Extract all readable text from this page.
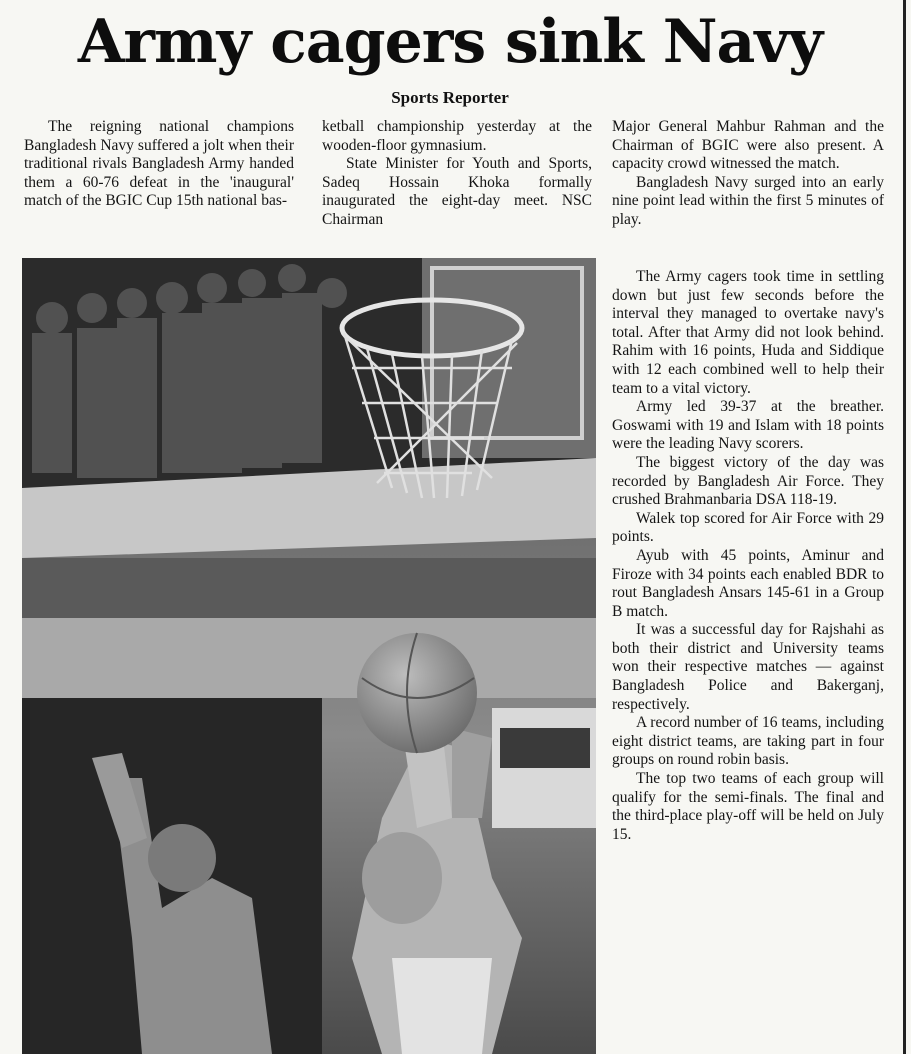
Army cagers sink Navy
Sports Reporter

The reigning national champions Bangladesh Navy suffered a jolt when their traditional rivals Bangladesh Army handed them a 60-76 defeat in the 'inaugural' match of the BGIC Cup 15th national bas-

ketball championship yesterday at the wooden-floor gymnasium.

State Minister for Youth and Sports, Sadeq Hossain Khoka formally inaugurated the eight-day meet. NSC Chairman

Major General Mahbur Rahman and the Chairman of BGIC were also present. A capacity crowd witnessed the match.

Bangladesh Navy surged into an early nine point lead within the first 5 minutes of play.

The Army cagers took time in settling down but just few seconds before the interval they managed to overtake navy's total. After that Army did not look behind. Rahim with 16 points, Huda and Siddique with 12 each combined well to help their team to a vital victory.

Army led 39-37 at the breather. Goswami with 19 and Islam with 18 points were the leading Navy scorers.

The biggest victory of the day was recorded by Bangladesh Air Force. They crushed Brahmanbaria DSA 118-19.

Walek top scored for Air Force with 29 points.

Ayub with 45 points, Aminur and Firoze with 34 points each enabled BDR to rout Bangladesh Ansars 145-61 in a Group B match.

It was a successful day for Rajshahi as both their district and University teams won their respective matches — against Bangladesh Police and Bakerganj, respectively.

A record number of 16 teams, including eight district teams, are taking part in four groups on round robin basis.

The top two teams of each group will qualify for the semi-finals. The final and the third-place play-off will be held on July 15.
